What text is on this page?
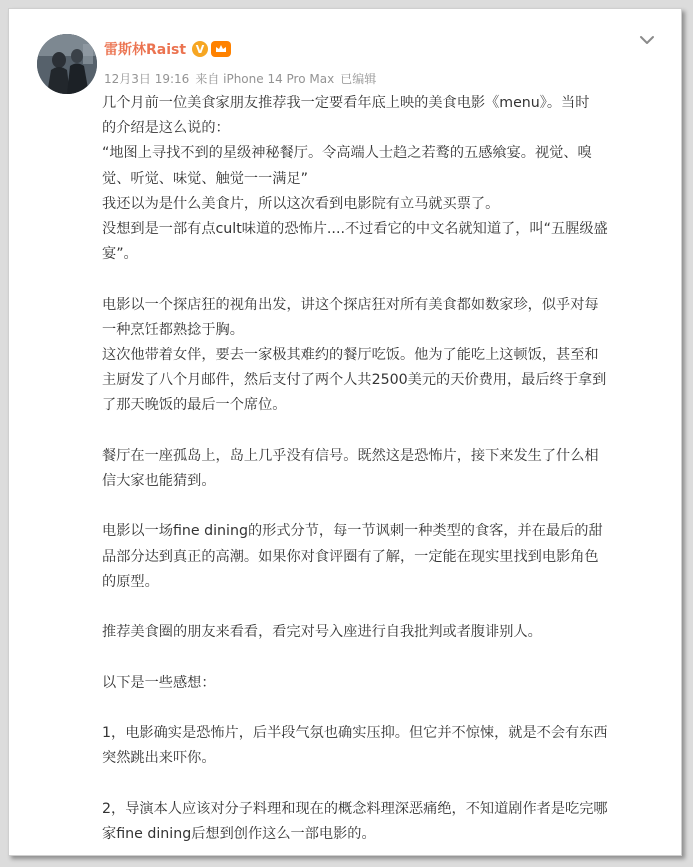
雷斯林Raist V
12月3日 19:16 来自 iPhone 14 Pro Max 已编辑

几个月前一位美食家朋友推荐我一定要看年底上映的美食电影《menu》。当时

的介绍是这么说的：

“地图上寻找不到的星级神秘餐厅。令高端人士趋之若鹜的五感飨宴。视觉、嗅

觉、听觉、味觉、触觉一一满足”

我还以为是什么美食片，所以这次看到电影院有立马就买票了。

没想到是一部有点cult味道的恐怖片....不过看它的中文名就知道了，叫“五腥级盛

宴”。

电影以一个探店狂的视角出发，讲这个探店狂对所有美食都如数家珍，似乎对每

一种烹饪都熟捻于胸。

这次他带着女伴，要去一家极其难约的餐厅吃饭。他为了能吃上这顿饭，甚至和

主厨发了八个月邮件，然后支付了两个人共2500美元的天价费用，最后终于拿到

了那天晚饭的最后一个席位。

餐厅在一座孤岛上，岛上几乎没有信号。既然这是恐怖片，接下来发生了什么相

信大家也能猜到。

电影以一场fine dining的形式分节，每一节讽刺一种类型的食客，并在最后的甜

品部分达到真正的高潮。如果你对食评圈有了解，一定能在现实里找到电影角色

的原型。

推荐美食圈的朋友来看看，看完对号入座进行自我批判或者腹诽别人。

以下是一些感想：

1，电影确实是恐怖片，后半段气氛也确实压抑。但它并不惊悚，就是不会有东西

突然跳出来吓你。

2，导演本人应该对分子料理和现在的概念料理深恶痛绝，不知道剧作者是吃完哪

家fine dining后想到创作这么一部电影的。
